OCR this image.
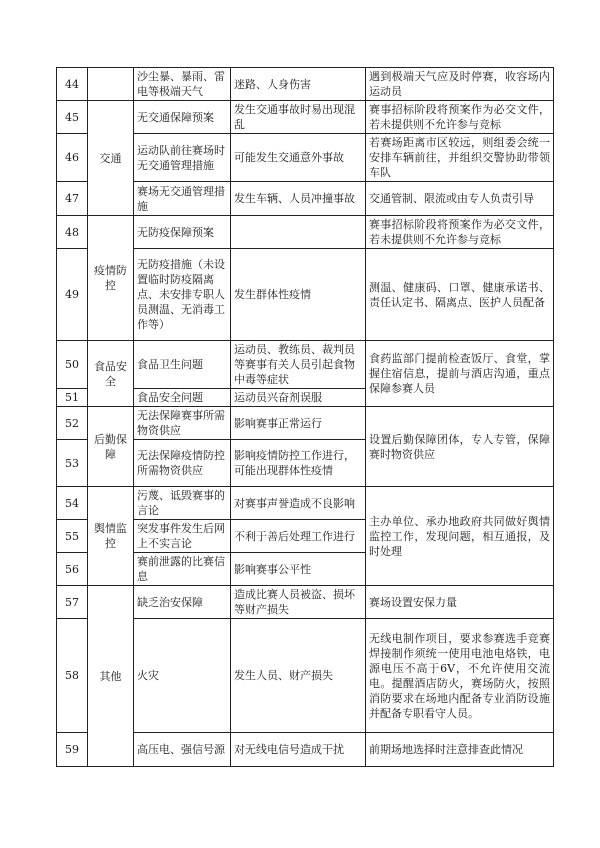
44		沙尘暴、暴雨、雷电等极端天气	迷路、人身伤害	遇到极端天气应及时停赛，收容场内运动员
45	交通	无交通保障预案	发生交通事故时易出现混乱	赛事招标阶段将预案作为必交文件，若未提供则不允许参与竞标
46		运动队前往赛场时无交通管理措施	可能发生交通意外事故	若赛场距离市区较远，则组委会统一安排车辆前往，并组织交警协助带领车队
47		赛场无交通管理措施	发生车辆、人员冲撞事故	交通管制、限流或由专人负责引导
48	疫情防控	无防疫保障预案		赛事招标阶段将预案作为必交文件，若未提供则不允许参与竞标
49		无防疫措施（未设置临时防疫隔离点、未安排专职人员测温、无消毒工作等）	发生群体性疫情	测温、健康码、口罩、健康承诺书、责任认定书、隔离点、医护人员配备
50	食品安全	食品卫生问题	运动员、教练员、裁判员等赛事有关人员引起食物中毒等症状	食药监部门提前检查饭厅、食堂，掌握住宿信息，提前与酒店沟通，重点保障参赛人员
51		食品安全问题	运动员兴奋剂误服	
52	后勤保障	无法保障赛事所需物资供应	影响赛事正常运行	设置后勤保障团体，专人专管，保障赛时物资供应
53		无法保障疫情防控所需物资供应	影响疫情防控工作进行，可能出现群体性疫情	
54	舆情监控	污蔑、诋毁赛事的言论	对赛事声誉造成不良影响	主办单位、承办地政府共同做好舆情监控工作，发现问题，相互通报，及时处理
55		突发事件发生后网上不实言论	不利于善后处理工作进行	
56		赛前泄露的比赛信息	影响赛事公平性	
57	其他	缺乏治安保障	造成比赛人员被盗、损坏等财产损失	赛场设置安保力量
58		火灾	发生人员、财产损失	无线电制作项目，要求参赛选手竞赛焊接制作须统一使用电池电烙铁，电源电压不高于6V，不允许使用交流电。提醒酒店防火，赛场防火，按照消防要求在场地内配备专业消防设施并配备专职看守人员。
59		高压电、强信号源	对无线电信号造成干扰	前期场地选择时注意排查此情况
